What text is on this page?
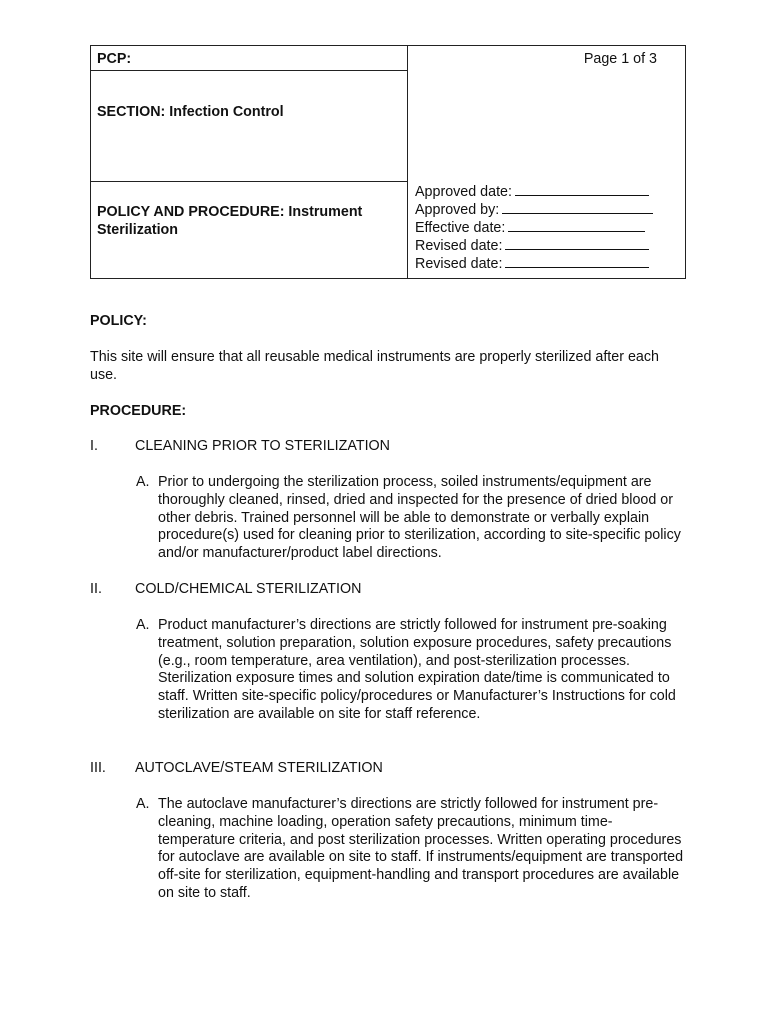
PCP:	Page 1 of 3
SECTION: Infection Control
POLICY AND PROCEDURE: Instrument Sterilization
Approved date:
Approved by:
Effective date:
Revised date:
Revised date:
POLICY:
This site will ensure that all reusable medical instruments are properly sterilized after each use.
PROCEDURE:
I.	CLEANING PRIOR TO STERILIZATION
A. Prior to undergoing the sterilization process, soiled instruments/equipment are thoroughly cleaned, rinsed, dried and inspected for the presence of dried blood or other debris. Trained personnel will be able to demonstrate or verbally explain procedure(s) used for cleaning prior to sterilization, according to site-specific policy and/or manufacturer/product label directions.
II. COLD/CHEMICAL STERILIZATION
A. Product manufacturer’s directions are strictly followed for instrument pre-soaking treatment, solution preparation, solution exposure procedures, safety precautions (e.g., room temperature, area ventilation), and post-sterilization processes. Sterilization exposure times and solution expiration date/time is communicated to staff. Written site-specific policy/procedures or Manufacturer’s Instructions for cold sterilization are available on site for staff reference.
III. AUTOCLAVE/STEAM STERILIZATION
A. The autoclave manufacturer’s directions are strictly followed for instrument pre-cleaning, machine loading, operation safety precautions, minimum time-temperature criteria, and post sterilization processes. Written operating procedures for autoclave are available on site to staff. If instruments/equipment are transported off-site for sterilization, equipment-handling and transport procedures are available on site to staff.
